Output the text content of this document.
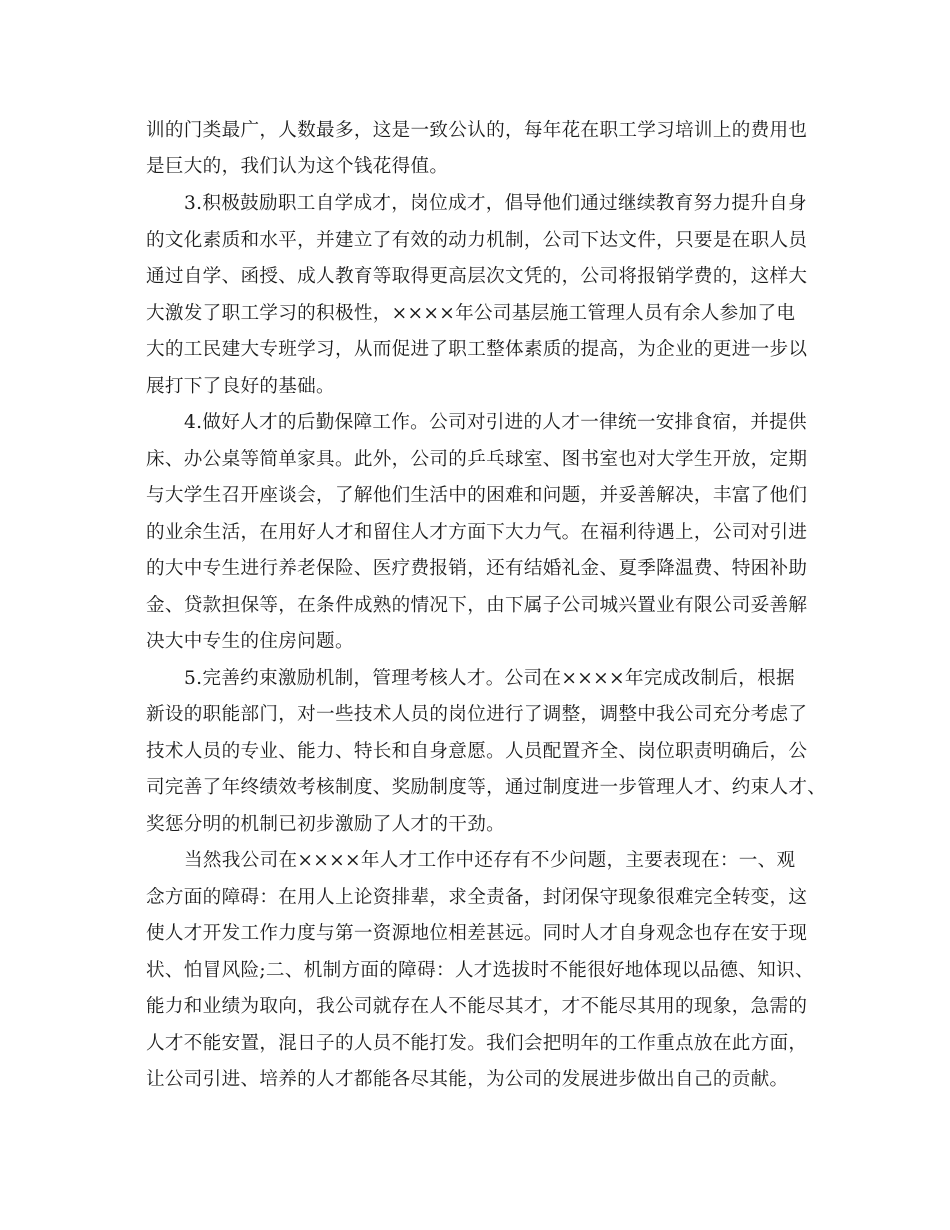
训的门类最广，人数最多，这是一致公认的，每年花在职工学习培训上的费用也
是巨大的，我们认为这个钱花得值。
3.积极鼓励职工自学成才，岗位成才，倡导他们通过继续教育努力提升自身
的文化素质和水平，并建立了有效的动力机制，公司下达文件，只要是在职人员
通过自学、函授、成人教育等取得更高层次文凭的，公司将报销学费的，这样大
大激发了职工学习的积极性，××××年公司基层施工管理人员有余人参加了电
大的工民建大专班学习，从而促进了职工整体素质的提高，为企业的更进一步以
展打下了良好的基础。
4.做好人才的后勤保障工作。公司对引进的人才一律统一安排食宿，并提供
床、办公桌等简单家具。此外，公司的乒乓球室、图书室也对大学生开放，定期
与大学生召开座谈会，了解他们生活中的困难和问题，并妥善解决，丰富了他们
的业余生活，在用好人才和留住人才方面下大力气。在福利待遇上，公司对引进
的大中专生进行养老保险、医疗费报销，还有结婚礼金、夏季降温费、特困补助
金、贷款担保等，在条件成熟的情况下，由下属子公司城兴置业有限公司妥善解
决大中专生的住房问题。
5.完善约束激励机制，管理考核人才。公司在××××年完成改制后，根据
新设的职能部门，对一些技术人员的岗位进行了调整，调整中我公司充分考虑了
技术人员的专业、能力、特长和自身意愿。人员配置齐全、岗位职责明确后，公
司完善了年终绩效考核制度、奖励制度等，通过制度进一步管理人才、约束人才、
奖惩分明的机制已初步激励了人才的干劲。
当然我公司在××××年人才工作中还存有不少问题，主要表现在：一、观
念方面的障碍：在用人上论资排辈，求全责备，封闭保守现象很难完全转变，这
使人才开发工作力度与第一资源地位相差甚远。同时人才自身观念也存在安于现
状、怕冒风险;二、机制方面的障碍：人才选拔时不能很好地体现以品德、知识、
能力和业绩为取向，我公司就存在人不能尽其才，才不能尽其用的现象，急需的
人才不能安置，混日子的人员不能打发。我们会把明年的工作重点放在此方面，
让公司引进、培养的人才都能各尽其能，为公司的发展进步做出自己的贡献。
